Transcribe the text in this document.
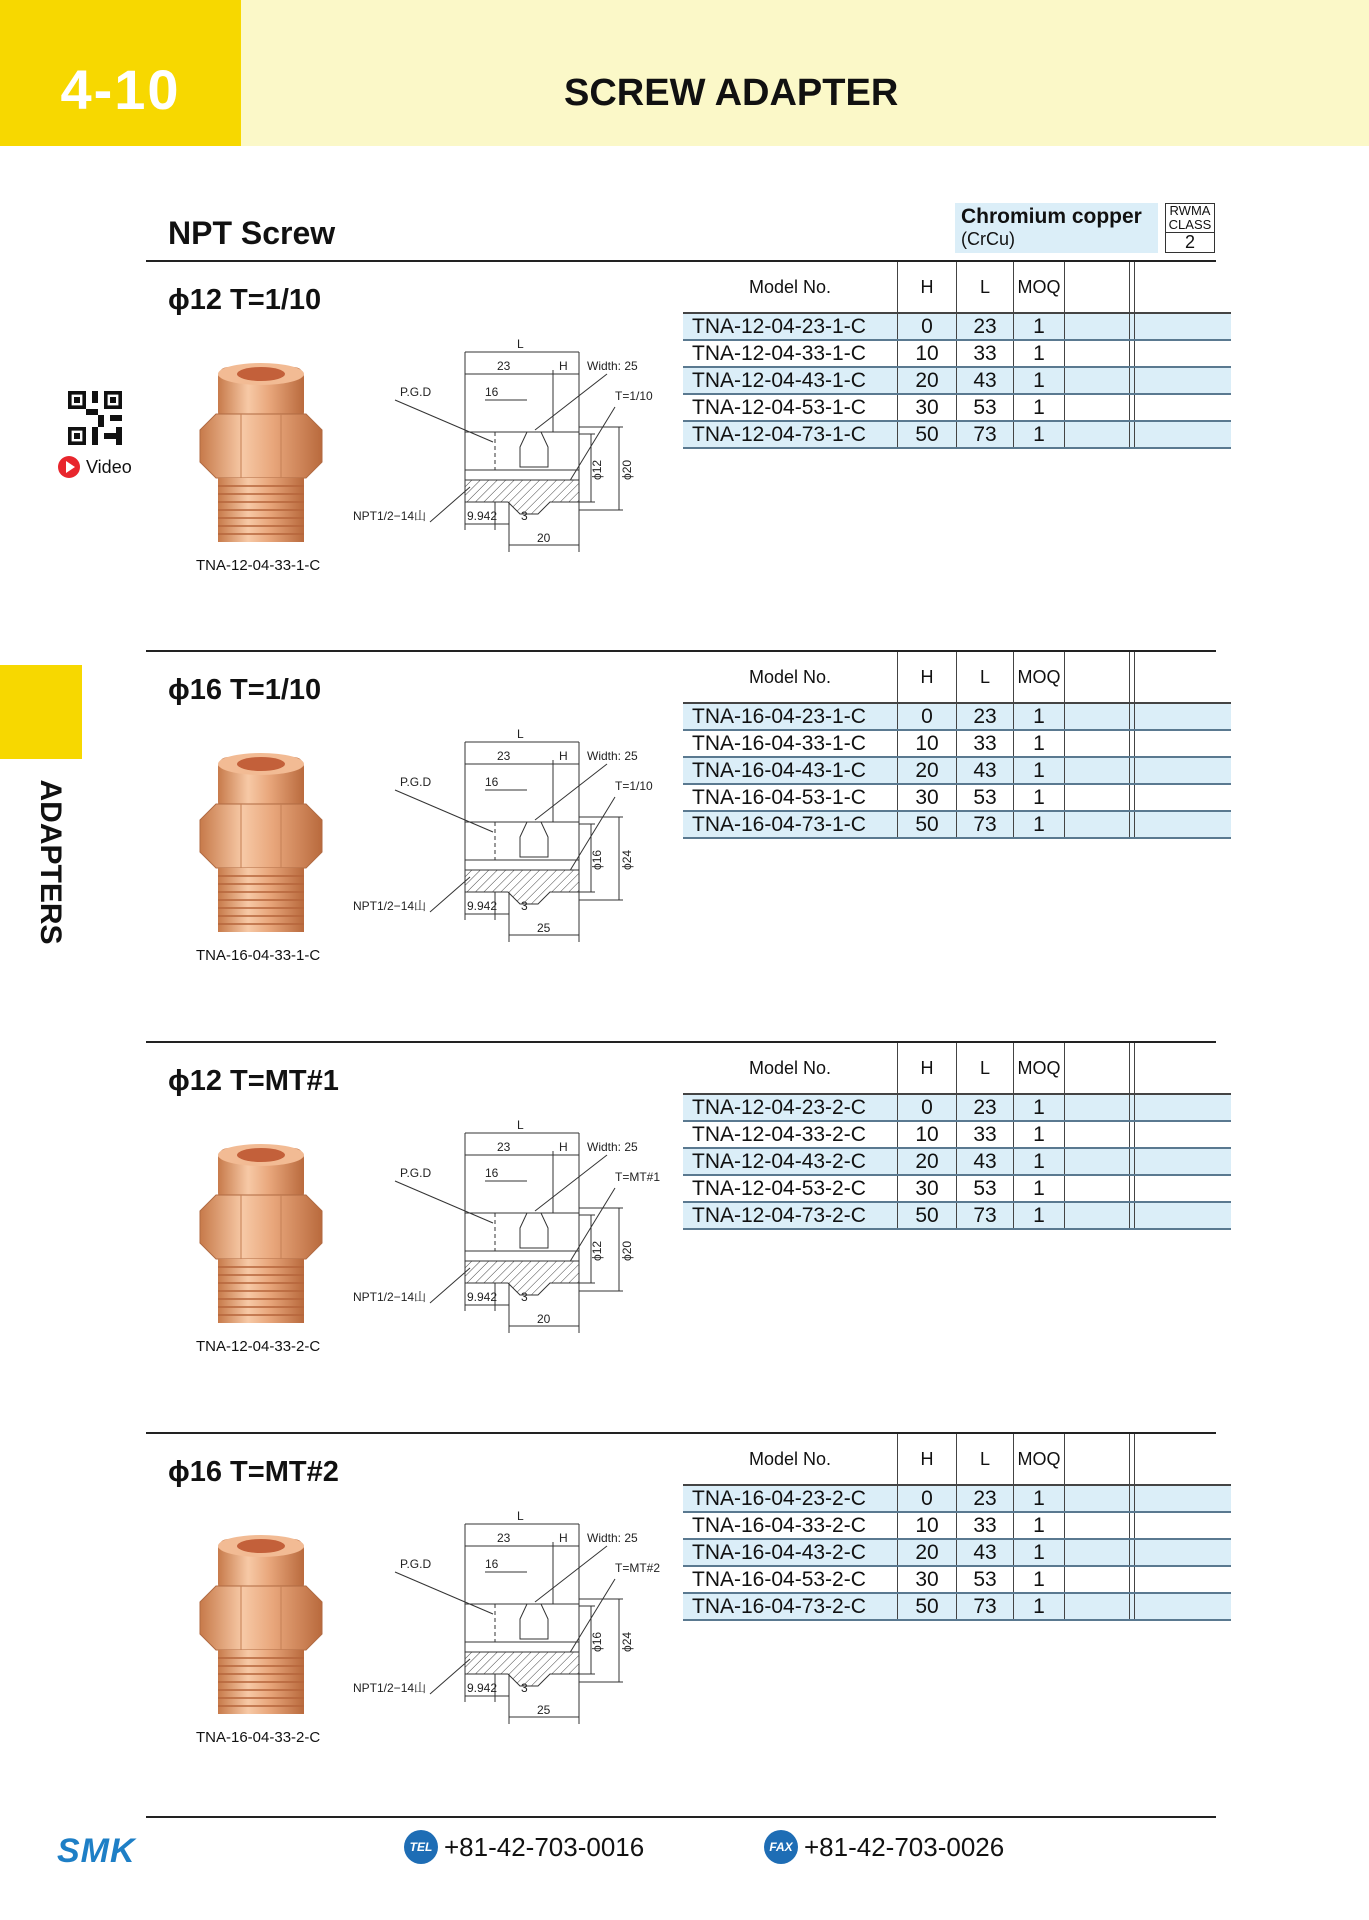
4-10	SCREW ADAPTER
ADAPTERS
Video
NPT Screw	Chromium copper
(CrCu)
RWMA
CLASS
2
ϕ12 T=1/10
TNA-12-04-33-1-C
L
23	H Width: 25
P.G.D	16	T=1/10
ϕ12 ϕ20
NPT1/2−14山	9.942 3
20
Model No.	H	L	MOQ			
TNA-12-04-23-1-C	0	23	1			
TNA-12-04-33-1-C	10	33	1			
TNA-12-04-43-1-C	20	43	1			
TNA-12-04-53-1-C	30	53	1			
TNA-12-04-73-1-C	50	73	1			
ϕ16 T=1/10
TNA-16-04-33-1-C
L
23	H Width: 25
P.G.D	16	T=1/10
ϕ16 ϕ24
NPT1/2−14山	9.942 3
25
Model No.	H	L	MOQ			
TNA-16-04-23-1-C	0	23	1			
TNA-16-04-33-1-C	10	33	1			
TNA-16-04-43-1-C	20	43	1			
TNA-16-04-53-1-C	30	53	1			
TNA-16-04-73-1-C	50	73	1			
ϕ12 T=MT#1
TNA-12-04-33-2-C
L
23	H Width: 25
P.G.D	16	T=MT#1
ϕ12 ϕ20
NPT1/2−14山	9.942 3
20
Model No.	H	L	MOQ			
TNA-12-04-23-2-C	0	23	1			
TNA-12-04-33-2-C	10	33	1			
TNA-12-04-43-2-C	20	43	1			
TNA-12-04-53-2-C	30	53	1			
TNA-12-04-73-2-C	50	73	1			
ϕ16 T=MT#2
TNA-16-04-33-2-C
L
23	H Width: 25
P.G.D	16	T=MT#2
ϕ16 ϕ24
NPT1/2−14山	9.942 3
25
Model No.	H	L	MOQ			
TNA-16-04-23-2-C	0	23	1			
TNA-16-04-33-2-C	10	33	1			
TNA-16-04-43-2-C	20	43	1			
TNA-16-04-53-2-C	30	53	1			
TNA-16-04-73-2-C	50	73	1			
SMK	TEL +81-42-703-0016	FAX +81-42-703-0026
